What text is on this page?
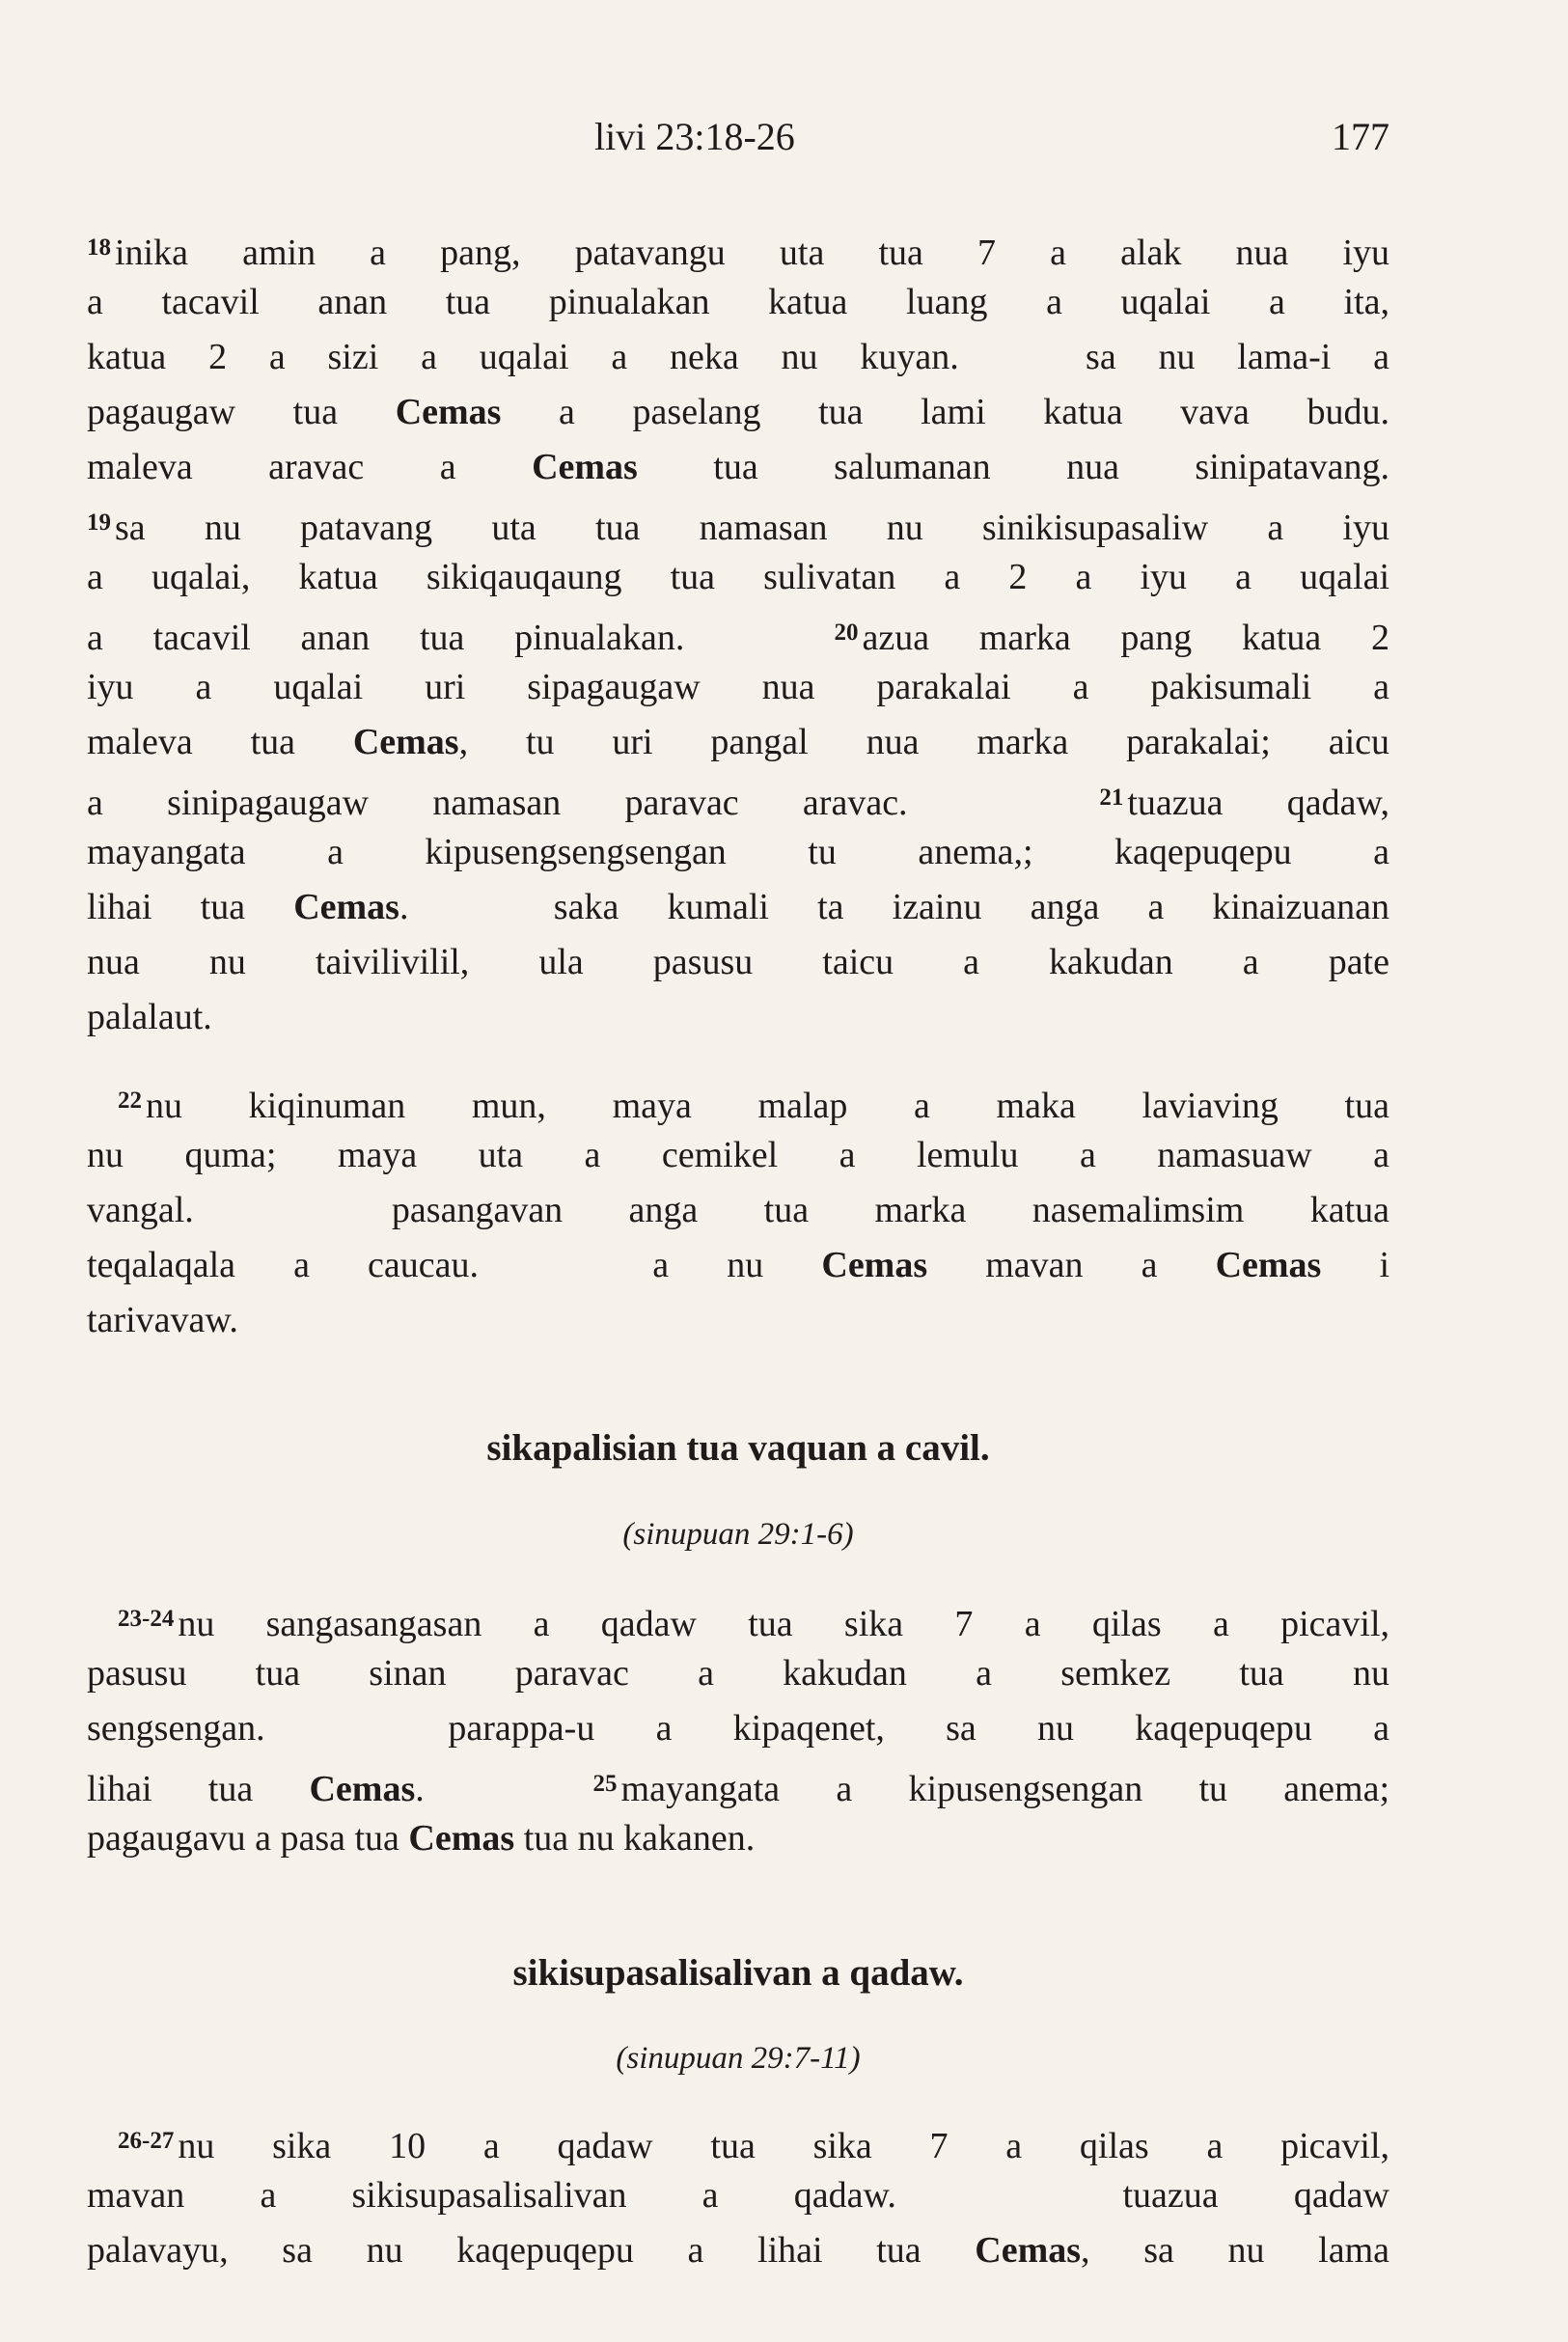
livi 23:18-26	177
$^{18}$ inika amin a pang, patavangu uta tua 7 a alak nua iyu
a tacavil anan tua pinualakan katua luang a uqalai a ita,
katua 2 a sizi a uqalai a neka nu kuyan.   sa nu lama-i a
pagaugaw tua Cemas a paselang tua lami katua vava budu.
maleva aravac a Cemas tua salumanan nua sinipatavang.
$^{19}$ sa nu patavang uta tua namasan nu sinikisupasaliw a iyu
a uqalai, katua sikiqauqaung tua sulivatan a 2 a iyu a uqalai
a tacavil anan tua pinualakan.   $^{20}$ azua marka pang katua 2
iyu a uqalai uri sipagaugaw nua parakalai a pakisumali a
maleva tua Cemas, tu uri pangal nua marka parakalai; aicu
a sinipagaugaw namasan paravac aravac.   $^{21}$ tuazua qadaw,
mayangata a kipusengsengsengan tu anema,; kaqepuqepu a
lihai tua Cemas.   saka kumali ta izainu anga a kinaizuanan
nua nu taivilivilil, ula pasusu taicu a kakudan a pate
palalaut.
$^{22}$ nu kiqinuman mun, maya malap a maka laviaving tua
nu quma; maya uta a cemikel a lemulu a namasuaw a
vangal.   pasangavan anga tua marka nasemalimsim katua
teqalaqala a caucau.   a nu Cemas mavan a Cemas i
tarivavaw.
sikapalisian tua vaquan a cavil.
(sinupuan 29:1-6)
$^{23-24}$ nu sangasangasan a qadaw tua sika 7 a qilas a picavil,
pasusu tua sinan paravac a kakudan a semkez tua nu
sengsengan.   parappa-u a kipaqenet, sa nu kaqepuqepu a
lihai tua Cemas.   $^{25}$ mayangata a kipusengsengan tu anema;
pagaugavu a pasa tua Cemas tua nu kakanen.
sikisupasalisalivan a qadaw.
(sinupuan 29:7-11)
$^{26-27}$ nu sika 10 a qadaw tua sika 7 a qilas a picavil,
mavan a sikisupasalisalivan a qadaw.   tuazua qadaw
palavayu, sa nu kaqepuqepu a lihai tua Cemas, sa nu lama
